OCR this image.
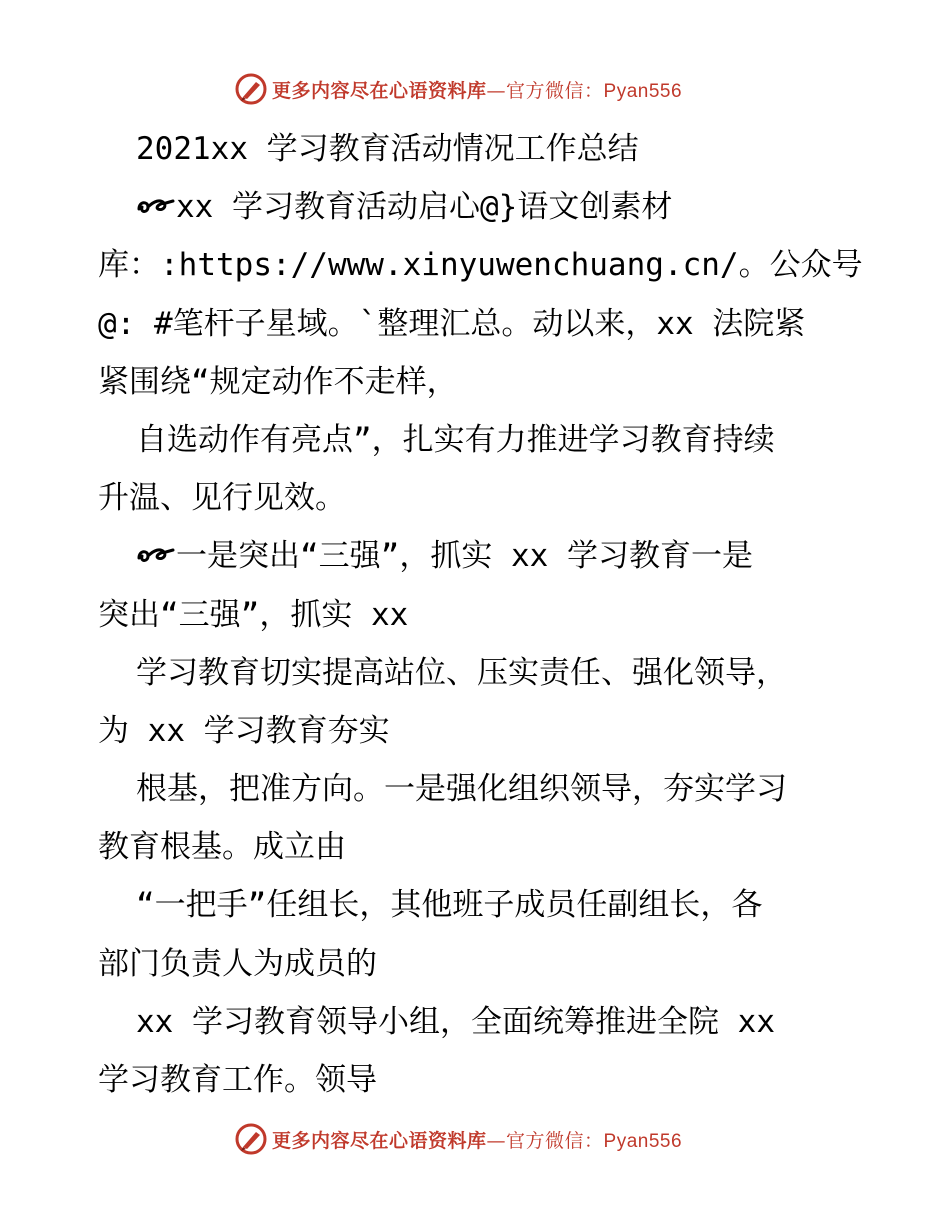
更多内容尽在心语资料库—官方微信：Pyan556
2021xx 学习教育活动情况工作总结
xx 学习教育活动启心@}语文创素材
库：:https://www.xinyuwenchuang.cn/。公众号
@: #笔杆子星域。`整理汇总。动以来，xx 法院紧
紧围绕“规定动作不走样，
自选动作有亮点”，扎实有力推进学习教育持续
升温、见行见效。
一是突出“三强”，抓实 xx 学习教育一是
突出“三强”，抓实 xx
学习教育切实提高站位、压实责任、强化领导，
为 xx 学习教育夯实
根基，把准方向。一是强化组织领导，夯实学习
教育根基。成立由
“一把手”任组长，其他班子成员任副组长，各
部门负责人为成员的
xx 学习教育领导小组，全面统筹推进全院 xx
学习教育工作。领导
更多内容尽在心语资料库—官方微信：Pyan556
